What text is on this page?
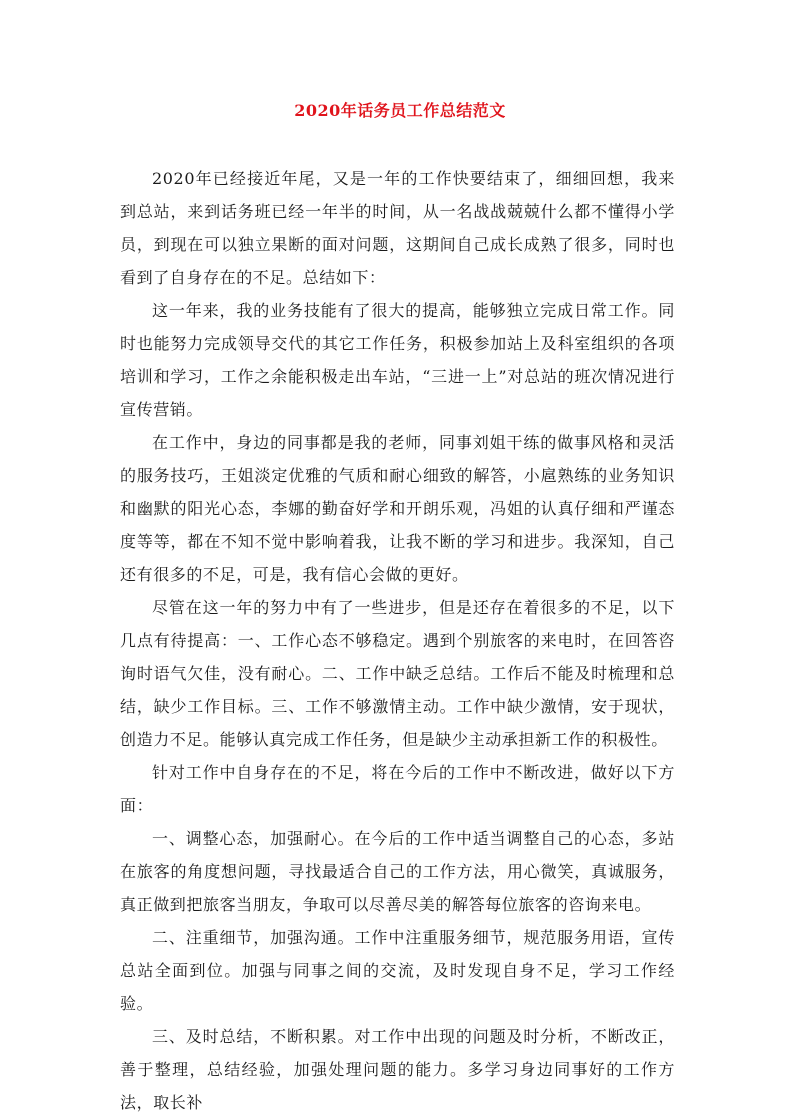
2020年话务员工作总结范文

2020年已经接近年尾，又是一年的工作快要结束了，细细回想，我来到总站，来到话务班已经一年半的时间，从一名战战兢兢什么都不懂得小学员，到现在可以独立果断的面对问题，这期间自己成长成熟了很多，同时也看到了自身存在的不足。总结如下：

这一年来，我的业务技能有了很大的提高，能够独立完成日常工作。同时也能努力完成领导交代的其它工作任务，积极参加站上及科室组织的各项培训和学习，工作之余能积极走出车站，“三进一上”对总站的班次情况进行宣传营销。

在工作中，身边的同事都是我的老师，同事刘姐干练的做事风格和灵活的服务技巧，王姐淡定优雅的气质和耐心细致的解答，小扈熟练的业务知识和幽默的阳光心态，李娜的勤奋好学和开朗乐观，冯姐的认真仔细和严谨态度等等，都在不知不觉中影响着我，让我不断的学习和进步。我深知，自己还有很多的不足，可是，我有信心会做的更好。

尽管在这一年的努力中有了一些进步，但是还存在着很多的不足，以下几点有待提高：一、工作心态不够稳定。遇到个别旅客的来电时，在回答咨询时语气欠佳，没有耐心。二、工作中缺乏总结。工作后不能及时梳理和总结，缺少工作目标。三、工作不够激情主动。工作中缺少激情，安于现状，创造力不足。能够认真完成工作任务，但是缺少主动承担新工作的积极性。

针对工作中自身存在的不足，将在今后的工作中不断改进，做好以下方面：

一、调整心态，加强耐心。在今后的工作中适当调整自己的心态，多站在旅客的角度想问题，寻找最适合自己的工作方法，用心微笑，真诚服务，真正做到把旅客当朋友，争取可以尽善尽美的解答每位旅客的咨询来电。

二、注重细节，加强沟通。工作中注重服务细节，规范服务用语，宣传总站全面到位。加强与同事之间的交流，及时发现自身不足，学习工作经验。

三、及时总结，不断积累。对工作中出现的问题及时分析，不断改正，善于整理，总结经验，加强处理问题的能力。多学习身边同事好的工作方法，取长补
